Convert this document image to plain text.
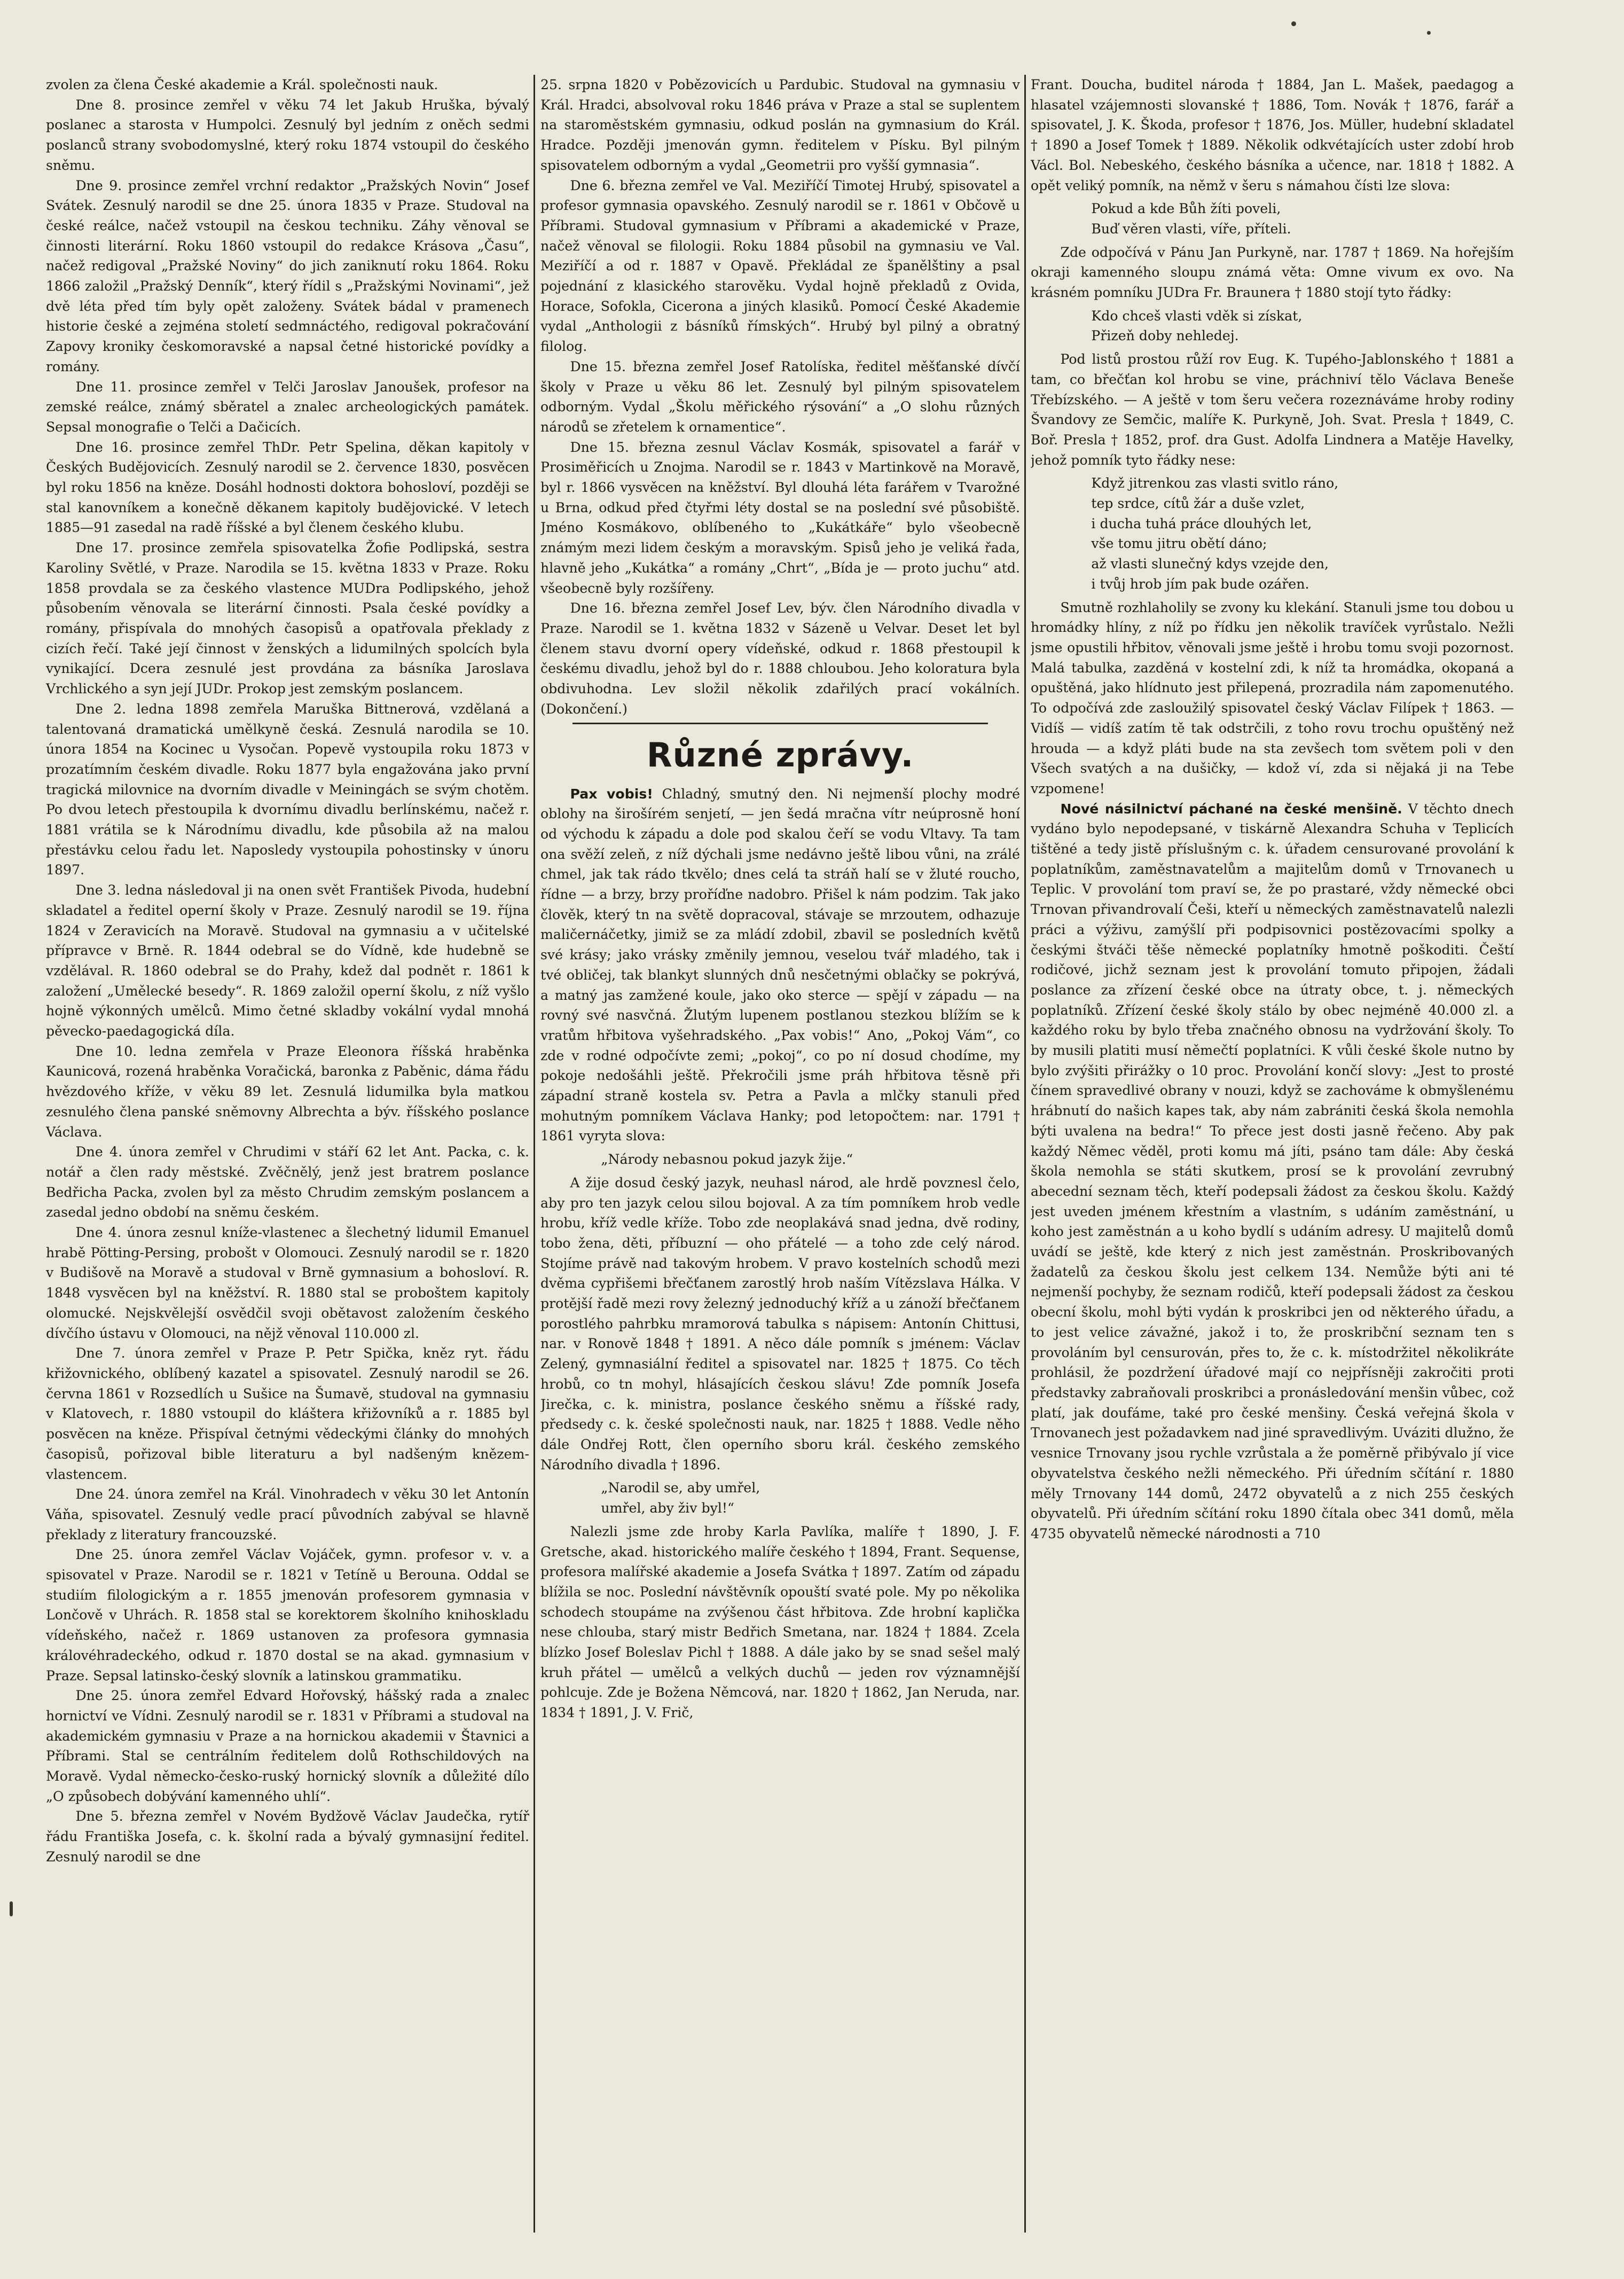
zvolen za člena České akademie a Král. společnosti nauk.

Dne 8. prosince zemřel v věku 74 let Jakub Hruška, bývalý poslanec a starosta v Humpolci. Zesnulý byl jedním z oněch sedmi poslanců strany svobodomyslné, který roku 1874 vstoupil do českého sněmu.

Dne 9. prosince zemřel vrchní redaktor „Pražských Novin“ Josef Svátek. Zesnulý narodil se dne 25. února 1835 v Praze. Studoval na české reálce, načež vstoupil na českou techniku. Záhy věnoval se činnosti literární. Roku 1860 vstoupil do redakce Krásova „Času“, načež redigoval „Pražské Noviny“ do jich zaniknutí roku 1864. Roku 1866 založil „Pražský Denník“, který řídil s „Pražskými Novinami“, jež dvě léta před tím byly opět založeny. Svátek bádal v pramenech historie české a zejména století sedmnáctého, redigoval pokračování Zapovy kroniky českomoravské a napsal četné historické povídky a romány.

Dne 11. prosince zemřel v Telči Jaroslav Janoušek, profesor na zemské reálce, známý sběratel a znalec archeologických památek. Sepsal monografie o Telči a Dačicích.

Dne 16. prosince zemřel ThDr. Petr Spelina, děkan kapitoly v Českých Budějovicích. Zesnulý narodil se 2. července 1830, posvěcen byl roku 1856 na kněze. Dosáhl hodnosti doktora bohosloví, později se stal kanovníkem a konečně děkanem kapitoly budějovické. V letech 1885—91 zasedal na radě říšské a byl členem českého klubu.

Dne 17. prosince zemřela spisovatelka Žofie Podlipská, sestra Karoliny Světlé, v Praze. Narodila se 15. května 1833 v Praze. Roku 1858 provdala se za českého vlastence MUDra Podlipského, jehož působením věnovala se literární činnosti. Psala české povídky a romány, přispívala do mnohých časopisů a opatřovala překlady z cizích řečí. Také její činnost v ženských a lidumilných spolcích byla vynikající. Dcera zesnulé jest provdána za básníka Jaroslava Vrchlického a syn její JUDr. Prokop jest zemským poslancem.

Dne 2. ledna 1898 zemřela Maruška Bittnerová, vzdělaná a talentovaná dramatická umělkyně česká. Zesnulá narodila se 10. února 1854 na Kocinec u Vysočan. Popevě vystoupila roku 1873 v prozatímním českém divadle. Roku 1877 byla engažována jako první tragická milovnice na dvorním divadle v Meiningách se svým chotěm. Po dvou letech přestoupila k dvornímu divadlu berlínskému, načež r. 1881 vrátila se k Národnímu divadlu, kde působila až na malou přestávku celou řadu let. Naposledy vystoupila pohostinsky v únoru 1897.

Dne 3. ledna následoval ji na onen svět František Pivoda, hudební skladatel a ředitel operní školy v Praze. Zesnulý narodil se 19. října 1824 v Zeravicích na Moravě. Studoval na gymnasiu a v učitelské přípravce v Brně. R. 1844 odebral se do Vídně, kde hudebně se vzdělával. R. 1860 odebral se do Prahy, kdež dal podnět r. 1861 k založení „Umělecké besedy“. R. 1869 založil operní školu, z níž vyšlo hojně výkonných umělců. Mimo četné skladby vokální vydal mnohá pěvecko-paedagogická díla.

Dne 10. ledna zemřela v Praze Eleonora říšská hraběnka Kaunicová, rozená hraběnka Voračická, baronka z Paběnic, dáma řádu hvězdového kříže, v věku 89 let. Zesnulá lidumilka byla matkou zesnulého člena panské sněmovny Albrechta a býv. říšského poslance Václava.

Dne 4. února zemřel v Chrudimi v stáří 62 let Ant. Packa, c. k. notář a člen rady městské. Zvěčnělý, jenž jest bratrem poslance Bedřicha Packa, zvolen byl za město Chrudim zemským poslancem a zasedal jedno období na sněmu českém.

Dne 4. února zesnul kníže-vlastenec a šlechetný lidumil Emanuel hrabě Pötting-Persing, probošt v Olomouci. Zesnulý narodil se r. 1820 v Budišově na Moravě a studoval v Brně gymnasium a bohosloví. R. 1848 vysvěcen byl na kněžství. R. 1880 stal se proboštem kapitoly olomucké. Nejskvělejší osvědčil svoji obětavost založením českého dívčího ústavu v Olomouci, na nějž věnoval 110.000 zl.

Dne 7. února zemřel v Praze P. Petr Spička, kněz ryt. řádu křižovnického, oblíbený kazatel a spisovatel. Zesnulý narodil se 26. června 1861 v Rozsedlích u Sušice na Šumavě, studoval na gymnasiu v Klatovech, r. 1880 vstoupil do kláštera křižovníků a r. 1885 byl posvěcen na kněze. Přispíval četnými vědeckými články do mnohých časopisů, pořizoval bible literaturu a byl nadšeným knězem-vlastencem.

Dne 24. února zemřel na Král. Vinohradech v věku 30 let Antonín Váňa, spisovatel. Zesnulý vedle prací původních zabýval se hlavně překlady z literatury francouzské.

Dne 25. února zemřel Václav Vojáček, gymn. profesor v. v. a spisovatel v Praze. Narodil se r. 1821 v Tetíně u Berouna. Oddal se studiím filologickým a r. 1855 jmenován profesorem gymnasia v Lončově v Uhrách. R. 1858 stal se korektorem školního knihoskladu vídeňského, načež r. 1869 ustanoven za profesora gymnasia královéhradeckého, odkud r. 1870 dostal se na akad. gymnasium v Praze. Sepsal latinsko-český slovník a latinskou grammatiku.

Dne 25. února zemřel Edvard Hořovský, hášský rada a znalec hornictví ve Vídni. Zesnulý narodil se r. 1831 v Příbrami a studoval na akademickém gymnasiu v Praze a na hornickou akademii v Štavnici a Příbrami. Stal se centrálním ředitelem dolů Rothschildových na Moravě. Vydal německo-česko-ruský hornický slovník a důležité dílo „O způsobech dobývání kamenného uhlí“.

Dne 5. března zemřel v Novém Bydžově Václav Jaudečka, rytíř řádu Františka Josefa, c. k. školní rada a bývalý gymnasijní ředitel. Zesnulý narodil se dne

25. srpna 1820 v Pobězovicích u Pardubic. Studoval na gymnasiu v Král. Hradci, absolvoval roku 1846 práva v Praze a stal se suplentem na staroměstském gymnasiu, odkud poslán na gymnasium do Král. Hradce. Později jmenován gymn. ředitelem v Písku. Byl pilným spisovatelem odborným a vydal „Geometrii pro vyšší gymnasia“.

Dne 6. března zemřel ve Val. Meziříčí Timotej Hrubý, spisovatel a profesor gymnasia opavského. Zesnulý narodil se r. 1861 v Občově u Příbrami. Studoval gymnasium v Příbrami a akademické v Praze, načež věnoval se filologii. Roku 1884 působil na gymnasiu ve Val. Meziříčí a od r. 1887 v Opavě. Překládal ze španělštiny a psal pojednání z klasického starověku. Vydal hojně překladů z Ovida, Horace, Sofokla, Cicerona a jiných klasiků. Pomocí České Akademie vydal „Anthologii z básníků římských“. Hrubý byl pilný a obratný filolog.

Dne 15. března zemřel Josef Ratolíska, ředitel měšťanské dívčí školy v Praze u věku 86 let. Zesnulý byl pilným spisovatelem odborným. Vydal „Školu měřického rýsování“ a „O slohu různých národů se zřetelem k ornamentice“.

Dne 15. března zesnul Václav Kosmák, spisovatel a farář v Prosiměřicích u Znojma. Narodil se r. 1843 v Martinkově na Moravě, byl r. 1866 vysvěcen na kněžství. Byl dlouhá léta farářem v Tvarožné u Brna, odkud před čtyřmi léty dostal se na poslední své působiště. Jméno Kosmákovo, oblíbeného to „Kukátkáře“ bylo všeobecně známým mezi lidem českým a moravským. Spisů jeho je veliká řada, hlavně jeho „Kukátka“ a romány „Chrt“, „Bída je — proto juchu“ atd. všeobecně byly rozšířeny.

Dne 16. března zemřel Josef Lev, býv. člen Národního divadla v Praze. Narodil se 1. května 1832 v Sázeně u Velvar. Deset let byl členem stavu dvorní opery vídeňské, odkud r. 1868 přestoupil k českému divadlu, jehož byl do r. 1888 chloubou. Jeho koloratura byla obdivuhodna. Lev složil několik zdařilých prací vokálních. (Dokončení.)

Různé zprávy.

Pax vobis! Chladný, smutný den. Ni nejmenší plochy modré oblohy na širošírém senjetí, — jen šedá mračna vítr neúprosně honí od východu k západu a dole pod skalou čeří se vodu Vltavy. Ta tam ona svěží zeleň, z níž dýchali jsme nedávno ještě libou vůni, na zrálé chmel, jak tak rádo tkvělo; dnes celá ta stráň halí se v žluté roucho, řídne — a brzy, brzy proříďne nadobro. Přišel k nám podzim. Tak jako člověk, který tn na světě dopracoval, stávaje se mrzoutem, odhazuje maličernáčetky, jimiž se za mládí zdobil, zbavil se posledních květů své krásy; jako vrásky změnily jemnou, veselou tvář mladého, tak i tvé obličej, tak blankyt slunných dnů nesčetnými oblačky se pokrývá, a matný jas zamžené koule, jako oko sterce — spějí v západu — na rovný své nasvčná. Žlutým lupenem postlanou stezkou blížím se k vratům hřbitova vyšehradského. „Pax vobis!“ Ano, „Pokoj Vám“, co zde v rodné odpočívte zemi; „pokoj“, co po ní dosud chodíme, my pokoje nedošáhli ještě. Překročili jsme práh hřbitova těsně při západní straně kostela sv. Petra a Pavla a mlčky stanuli před mohutným pomníkem Václava Hanky; pod letopočtem: nar. 1791 † 1861 vyryta slova:

„Národy nebasnou pokud jazyk žije.“

A žije dosud český jazyk, neuhasl národ, ale hrdě povznesl čelo, aby pro ten jazyk celou silou bojoval. A za tím pomníkem hrob vedle hrobu, kříž vedle kříže. Tobo zde neoplakává snad jedna, dvě rodiny, tobo žena, děti, příbuzní — oho přátelé — a toho zde celý národ. Stojíme právě nad takovým hrobem. V pravo kostelních schodů mezi dvěma cypřišemi břečťanem zarostlý hrob naším Vítězslava Hálka. V protější řadě mezi rovy železný jednoduchý kříž a u zánoží břečťanem porostlého pahrbku mramorová tabulka s nápisem: Antonín Chittusi, nar. v Ronově 1848 † 1891. A něco dále pomník s jménem: Václav Zelený, gymnasiální ředitel a spisovatel nar. 1825 † 1875. Co těch hrobů, co tn mohyl, hlásajících českou slávu! Zde pomník Josefa Jirečka, c. k. ministra, poslance českého sněmu a říšské rady, předsedy c. k. české společnosti nauk, nar. 1825 † 1888. Vedle něho dále Ondřej Rott, člen operního sboru král. českého zemského Národního divadla † 1896.

„Narodil se, aby umřel,
umřel, aby živ byl!“

Nalezli jsme zde hroby Karla Pavlíka, malíře † 1890, J. F. Gretsche, akad. historického malíře českého † 1894, Frant. Sequense, profesora malířské akademie a Josefa Svátka † 1897. Zatím od západu blížila se noc. Poslední návštěvník opouští svaté pole. My po několika schodech stoupáme na zvýšenou část hřbitova. Zde hrobní kaplička nese chlouba, starý mistr Bedřich Smetana, nar. 1824 † 1884. Zcela blízko Josef Boleslav Pichl † 1888. A dále jako by se snad sešel malý kruh přátel — umělců a velkých duchů — jeden rov významnější pohlcuje. Zde je Božena Němcová, nar. 1820 † 1862, Jan Neruda, nar. 1834 † 1891, J. V. Frič,

Frant. Doucha, buditel národa † 1884, Jan L. Mašek, paedagog a hlasatel vzájemnosti slovanské † 1886, Tom. Novák † 1876, farář a spisovatel, J. K. Škoda, profesor † 1876, Jos. Müller, hudební skladatel † 1890 a Josef Tomek † 1889. Několik odkvétajících uster zdobí hrob Václ. Bol. Nebeského, českého básníka a učence, nar. 1818 † 1882. A opět veliký pomník, na němž v šeru s námahou čísti lze slova:

Pokud a kde Bůh žíti poveli,
Buď věren vlasti, víře, příteli.

Zde odpočívá v Pánu Jan Purkyně, nar. 1787 † 1869. Na hořejším okraji kamenného sloupu známá věta: Omne vivum ex ovo. Na krásném pomníku JUDra Fr. Braunera † 1880 stojí tyto řádky:

Kdo chceš vlasti vděk si získat,
Přizeň doby nehledej.

Pod listů prostou růží rov Eug. K. Tupého-Jablonského † 1881 a tam, co břečťan kol hrobu se vine, práchniví tělo Václava Beneše Třebízského. — A ještě v tom šeru večera rozeznáváme hroby rodiny Švandovy ze Semčic, malíře K. Purkyně, Joh. Svat. Presla † 1849, C. Boř. Presla † 1852, prof. dra Gust. Adolfa Lindnera a Matěje Havelky, jehož pomník tyto řádky nese:

Když jitrenkou zas vlasti svitlo ráno,
tep srdce, cítů žár a duše vzlet,
i ducha tuhá práce dlouhých let,
vše tomu jitru obětí dáno;
až vlasti slunečný kdys vzejde den,
i tvůj hrob jím pak bude ozářen.

Smutně rozhlaholily se zvony ku klekání. Stanuli jsme tou dobou u hromádky hlíny, z níž po řídku jen několik travíček vyrůstalo. Nežli jsme opustili hřbitov, věnovali jsme ještě i hrobu tomu svoji pozornost. Malá tabulka, zazděná v kostelní zdi, k níž ta hromádka, okopaná a opuštěná, jako hlídnuto jest přilepená, prozradila nám zapomenutého. To odpočívá zde zasloužilý spisovatel český Václav Filípek † 1863. — Vidíš — vidíš zatím tě tak odstrčili, z toho rovu trochu opuštěný než hrouda — a když pláti bude na sta zevšech tom světem poli v den Všech svatých a na dušičky, — kdož ví, zda si nějaká ji na Tebe vzpomene!

Nové násilnictví páchané na české menšině. V těchto dnech vydáno bylo nepodepsané, v tiskárně Alexandra Schuha v Teplicích tištěné a tedy jistě příslušným c. k. úřadem censurované provolání k poplatníkům, zaměstnavatelům a majitelům domů v Trnovanech u Teplic. V provolání tom praví se, že po prastaré, vždy německé obci Trnovan přivandrovalí Češi, kteří u německých zaměstnavatelů nalezli práci a výživu, zamýšlí při podpisovnici postězovacími spolky a českými štváči těše německé poplatníky hmotně poškoditi. Čeští rodičové, jichž seznam jest k provolání tomuto připojen, žádali poslance za zřízení české obce na útraty obce, t. j. německých poplatníků. Zřízení české školy stálo by obec nejméně 40.000 zl. a každého roku by bylo třeba značného obnosu na vydržování školy. To by musili platiti musí němečtí poplatníci. K vůli české škole nutno by bylo zvýšiti přirážky o 10 proc. Provolání končí slovy: „Jest to prosté čínem spravedlivé obrany v nouzi, když se zachováme k obmyšlenému hrábnutí do našich kapes tak, aby nám zabrániti česká škola nemohla býti uvalena na bedra!“ To přece jest dosti jasně řečeno. Aby pak každý Němec věděl, proti komu má jíti, psáno tam dále: Aby česká škola nemohla se státi skutkem, prosí se k provolání zevrubný abecední seznam těch, kteří podepsali žádost za českou školu. Každý jest uveden jménem křestním a vlastním, s udáním zaměstnání, u koho jest zaměstnán a u koho bydlí s udáním adresy. U majitelů domů uvádí se ještě, kde který z nich jest zaměstnán. Proskribovaných žadatelů za českou školu jest celkem 134. Nemůže býti ani té nejmenší pochyby, že seznam rodičů, kteří podepsali žádost za českou obecní školu, mohl býti vydán k proskribci jen od některého úřadu, a to jest velice závažné, jakož i to, že proskribční seznam ten s provoláním byl censurován, přes to, že c. k. místodržitel několikráte prohlásil, že pozdržení úřadové mají co nejpřísněji zakročiti proti představky zabraňovali proskribci a pronásledování menšin vůbec, což platí, jak doufáme, také pro české menšiny. Česká veřejná škola v Trnovanech jest požadavkem nad jiné spravedlivým. Uváziti dlužno, že vesnice Trnovany jsou rychle vzrůstala a že poměrně přibývalo jí vice obyvatelstva českého nežli německého. Při úředním sčítání r. 1880 měly Trnovany 144 domů, 2472 obyvatelů a z nich 255 českých obyvatelů. Při úředním sčítání roku 1890 čítala obec 341 domů, měla 4735 obyvatelů německé národnosti a 710
